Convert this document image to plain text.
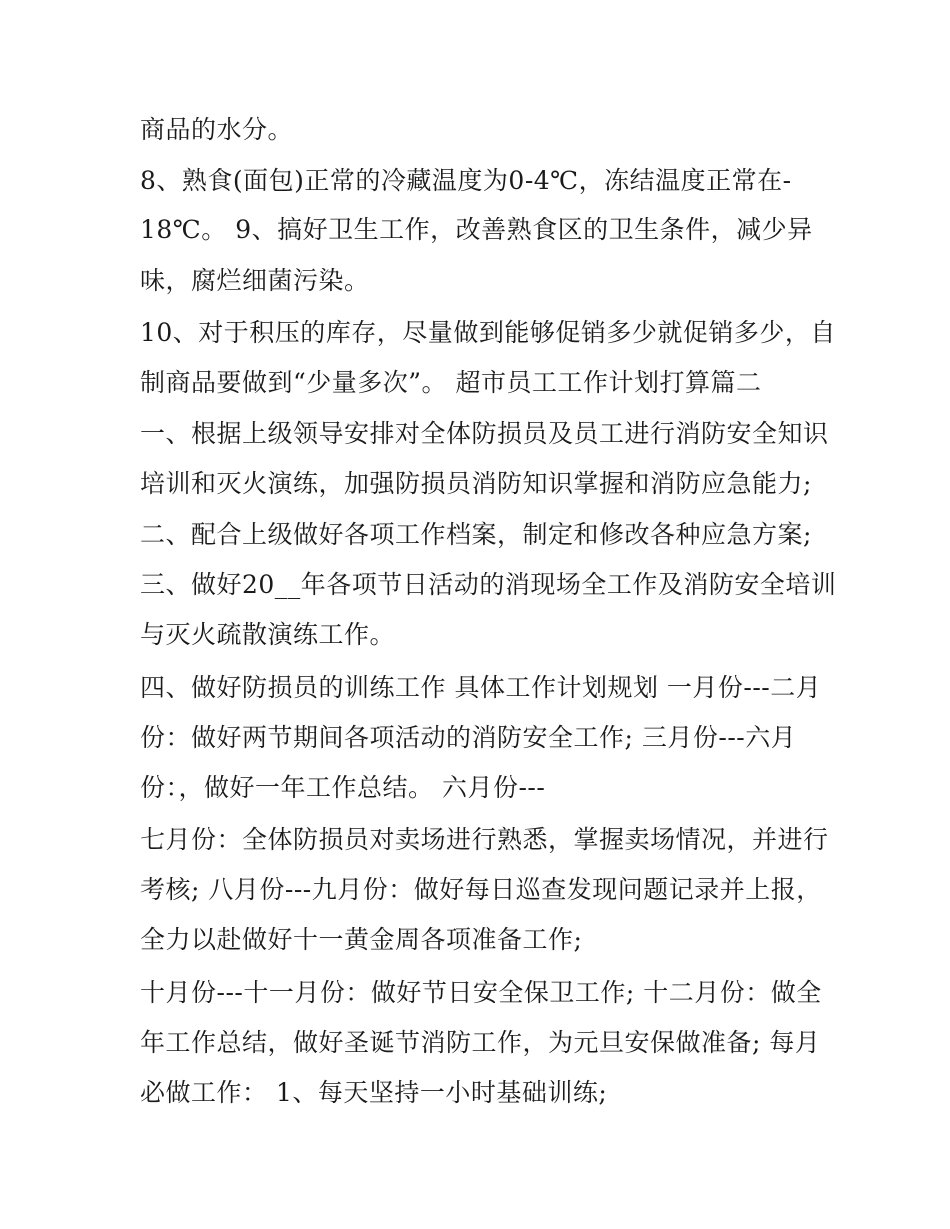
商品的水分。
8、熟食(面包)正常的冷藏温度为0-4℃，冻结温度正常在-
18℃。 9、搞好卫生工作，改善熟食区的卫生条件，减少异
味，腐烂细菌污染。
10、对于积压的库存，尽量做到能够促销多少就促销多少，自
制商品要做到“少量多次”。 超市员工工作计划打算篇二
一、根据上级领导安排对全体防损员及员工进行消防安全知识
培训和灭火演练，加强防损员消防知识掌握和消防应急能力;
二、配合上级做好各项工作档案，制定和修改各种应急方案;
三、做好20__年各项节日活动的消现场全工作及消防安全培训
与灭火疏散演练工作。
四、做好防损员的训练工作 具体工作计划规划 一月份---二月
份：做好两节期间各项活动的消防安全工作; 三月份---六月
份：，做好一年工作总结。 六月份---
七月份：全体防损员对卖场进行熟悉，掌握卖场情况，并进行
考核; 八月份---九月份：做好每日巡查发现问题记录并上报，
全力以赴做好十一黄金周各项准备工作;
十月份---十一月份：做好节日安全保卫工作; 十二月份：做全
年工作总结，做好圣诞节消防工作，为元旦安保做准备; 每月
必做工作： 1、每天坚持一小时基础训练;
